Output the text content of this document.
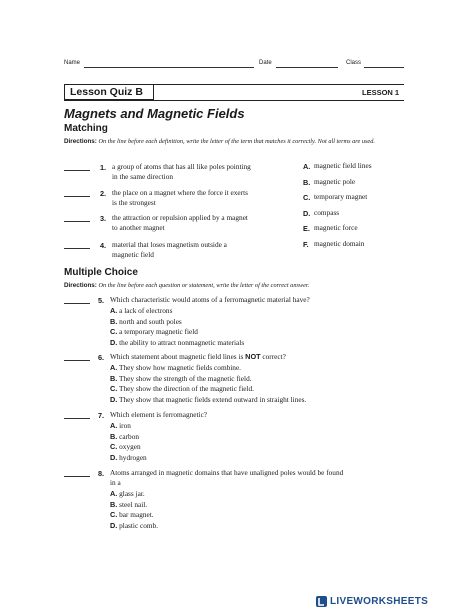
Name	Date	Class
Lesson Quiz B	LESSON 1
Magnets and Magnetic Fields
Matching
Directions: On the line before each definition, write the letter of the term that matches it correctly. Not all terms are used.
1. a group of atoms that has all like poles pointing
in the same direction
2. the place on a magnet where the force it exerts
is the strongest
3. the attraction or repulsion applied by a magnet
to another magnet
4. material that loses magnetism outside a
magnetic field
A. magnetic field lines
B. magnetic pole
C. temporary magnet
D. compass
E. magnetic force
F. magnetic domain
Multiple Choice
Directions: On the line before each question or statement, write the letter of the correct answer.
5. Which characteristic would atoms of a ferromagnetic material have?
A. a lack of electrons
B. north and south poles
C. a temporary magnetic field
D. the ability to attract nonmagnetic materials
6. Which statement about magnetic field lines is NOT correct?
A. They show how magnetic fields combine.
B. They show the strength of the magnetic field.
C. They show the direction of the magnetic field.
D. They show that magnetic fields extend outward in straight lines.
7. Which element is ferromagnetic?
A. iron
B. carbon
C. oxygen
D. hydrogen
8. Atoms arranged in magnetic domains that have unaligned poles would be found
in a
A. glass jar.
B. steel nail.
C. bar magnet.
D. plastic comb.
LIVEWORKSHEETS
